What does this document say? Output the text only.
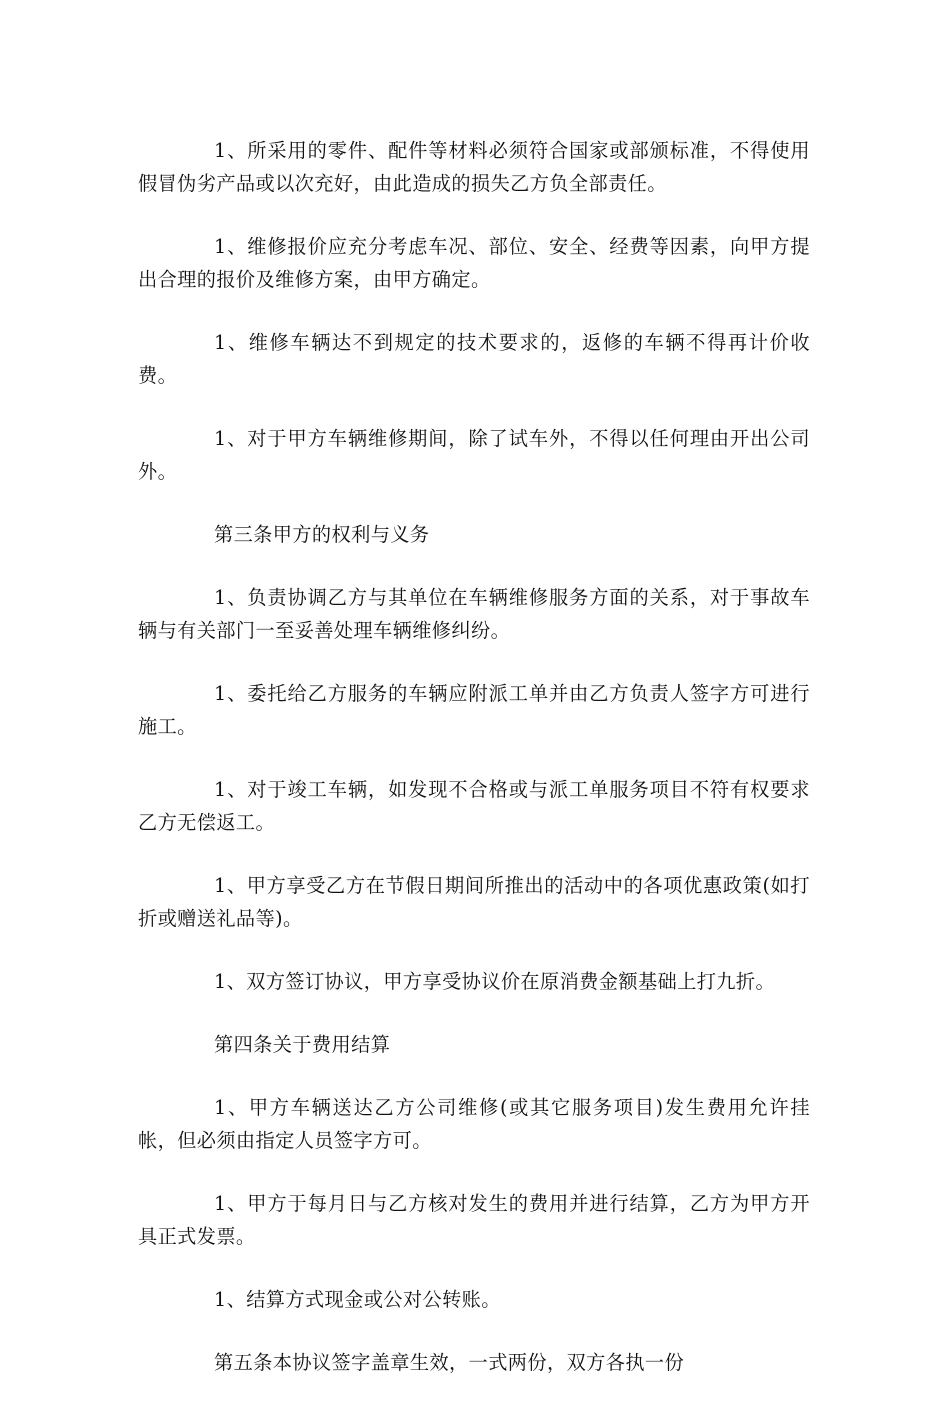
1、所采用的零件、配件等材料必须符合国家或部颁标准，不得使用假冒伪劣产品或以次充好，由此造成的损失乙方负全部责任。

1、维修报价应充分考虑车况、部位、安全、经费等因素，向甲方提出合理的报价及维修方案，由甲方确定。

1、维修车辆达不到规定的技术要求的，返修的车辆不得再计价收费。

1、对于甲方车辆维修期间，除了试车外，不得以任何理由开出公司外。

第三条甲方的权利与义务

1、负责协调乙方与其单位在车辆维修服务方面的关系，对于事故车辆与有关部门一至妥善处理车辆维修纠纷。

1、委托给乙方服务的车辆应附派工单并由乙方负责人签字方可进行施工。

1、对于竣工车辆，如发现不合格或与派工单服务项目不符有权要求乙方无偿返工。

1、甲方享受乙方在节假日期间所推出的活动中的各项优惠政策(如打折或赠送礼品等)。

1、双方签订协议，甲方享受协议价在原消费金额基础上打九折。

第四条关于费用结算

1、甲方车辆送达乙方公司维修(或其它服务项目)发生费用允许挂帐，但必须由指定人员签字方可。

1、甲方于每月日与乙方核对发生的费用并进行结算，乙方为甲方开具正式发票。

1、结算方式现金或公对公转账。

第五条本协议签字盖章生效，一式两份，双方各执一份
